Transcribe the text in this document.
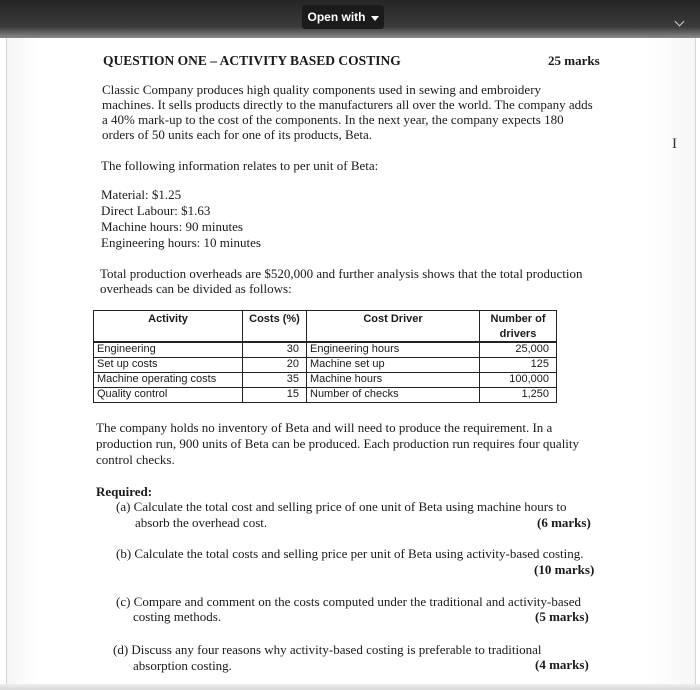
Open with
I
QUESTION ONE – ACTIVITY BASED COSTING	25 marks
Classic Company produces high quality components used in sewing and embroidery
machines. It sells products directly to the manufacturers all over the world. The company adds
a 40% mark-up to the cost of the components. In the next year, the company expects 180
orders of 50 units each for one of its products, Beta.
The following information relates to per unit of Beta:
Material: $1.25
Direct Labour: $1.63
Machine hours: 90 minutes
Engineering hours: 10 minutes
Total production overheads are $520,000 and further analysis shows that the total production
overheads can be divided as follows:
Activity	Costs (%)	Cost Driver	Number of
drivers
Engineering	30 Engineering hours	25,000
Set up costs	20 Machine set up	125
Machine operating costs	35 Machine hours	100,000
Quality control	15 Number of checks	1,250
The company holds no inventory of Beta and will need to produce the requirement. In a
production run, 900 units of Beta can be produced. Each production run requires four quality
control checks.
Required:
(a) Calculate the total cost and selling price of one unit of Beta using machine hours to
absorb the overhead cost.	(6 marks)
(b) Calculate the total costs and selling price per unit of Beta using activity-based costing.
(10 marks)
(c) Compare and comment on the costs computed under the traditional and activity-based
costing methods.	(5 marks)
(d) Discuss any four reasons why activity-based costing is preferable to traditional
absorption costing.	(4 marks)
